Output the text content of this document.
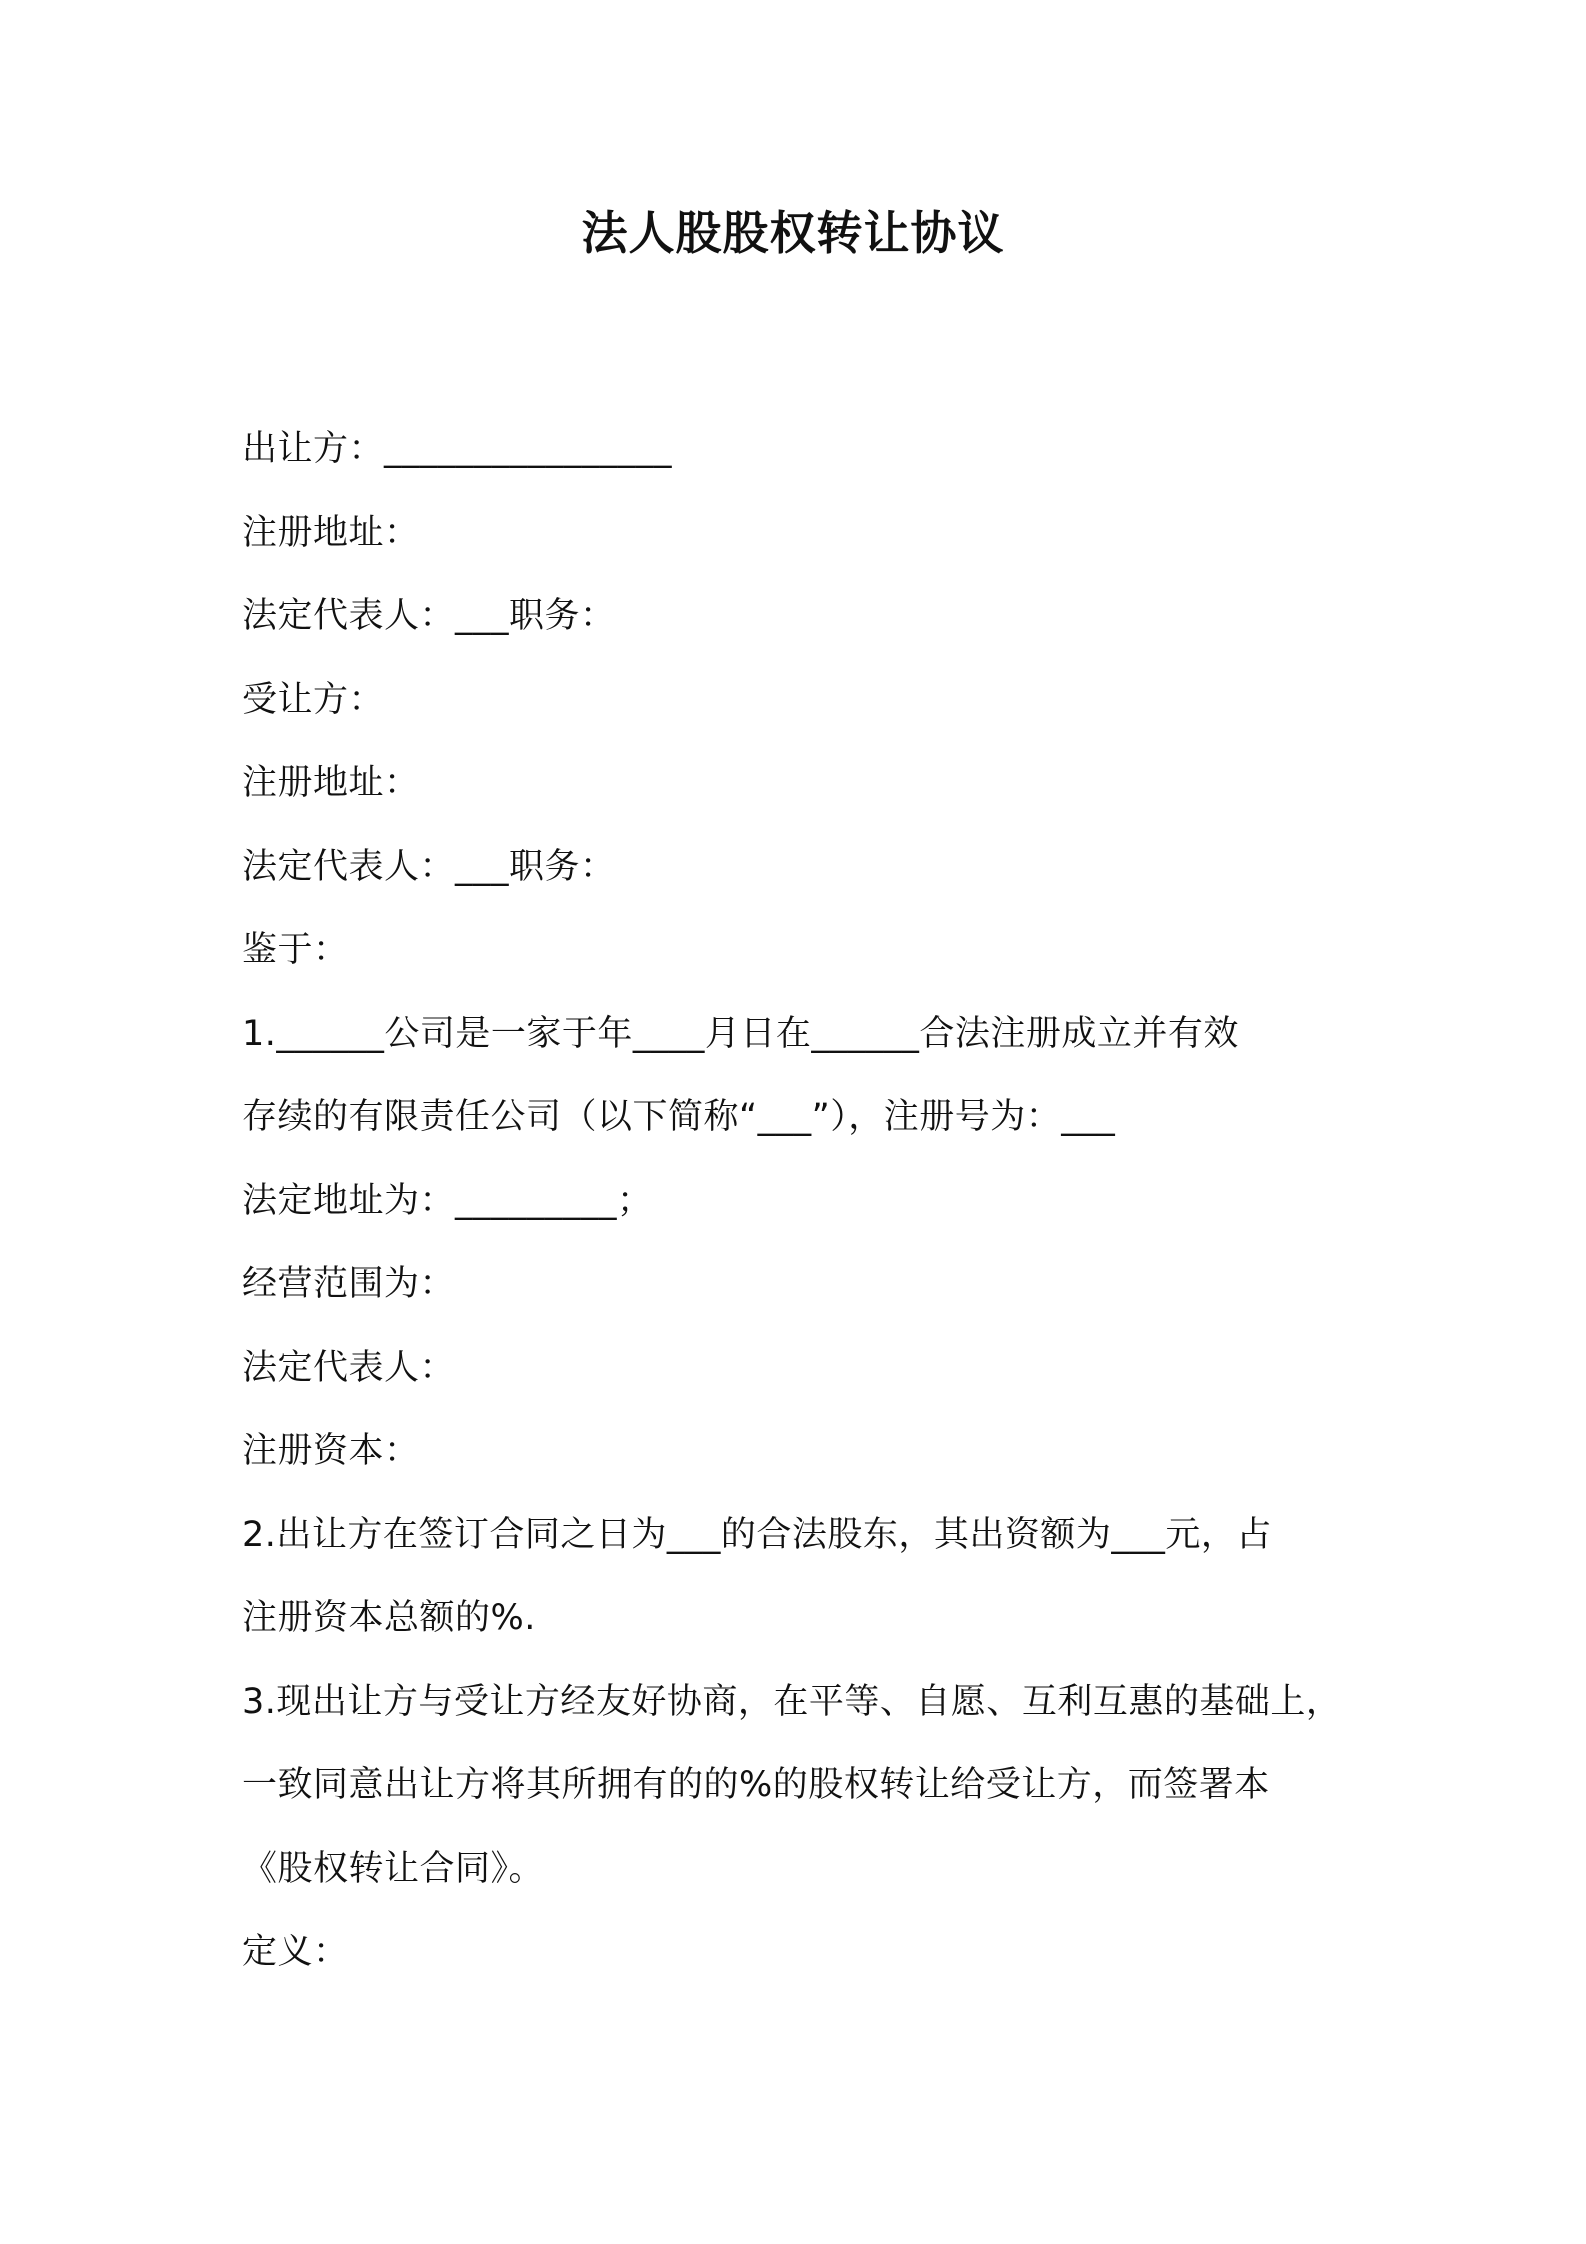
法人股股权转让协议
出让方：________________
注册地址：
法定代表人：___职务：
受让方：
注册地址：
法定代表人：___职务：
鉴于：
1.______公司是一家于年____月日在______合法注册成立并有效
存续的有限责任公司（以下简称“___”），注册号为：___
法定地址为：_________；
经营范围为：
法定代表人：
注册资本：
2.出让方在签订合同之日为___的合法股东，其出资额为___元，占
注册资本总额的%.
3.现出让方与受让方经友好协商，在平等、自愿、互利互惠的基础上，
一致同意出让方将其所拥有的的%的股权转让给受让方，而签署本
《股权转让合同》。
定义：
